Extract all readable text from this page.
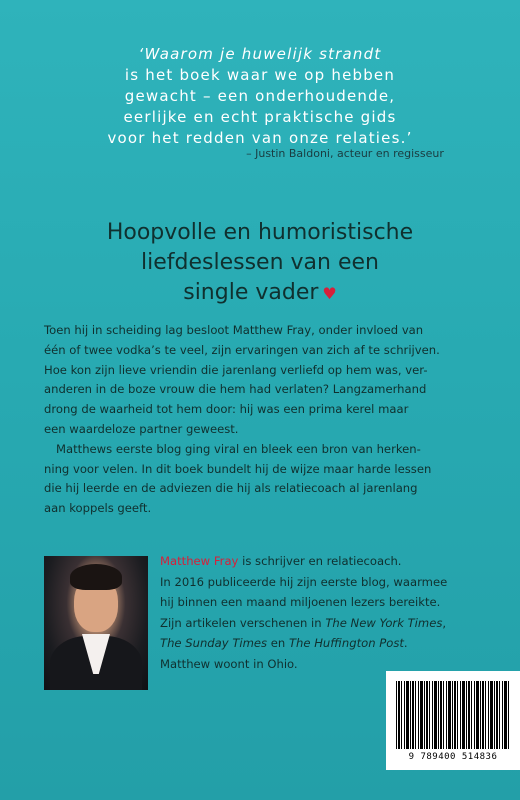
‘Waarom je huwelijk strandt
is het boek waar we op hebben
gewacht – een onderhoudende,
eerlijke en echt praktische gids
voor het redden van onze relaties.’
– Justin Baldoni, acteur en regisseur
Hoopvolle en humoristische
liefdeslessen van een
single vader ♥
Toen hij in scheiding lag besloot Matthew Fray, onder invloed van
één of twee vodka’s te veel, zijn ervaringen van zich af te schrijven.
Hoe kon zijn lieve vriendin die jarenlang verliefd op hem was, ver-
anderen in de boze vrouw die hem had verlaten? Langzamerhand
drong de waarheid tot hem door: hij was een prima kerel maar
een waardeloze partner geweest.
Matthews eerste blog ging viral en bleek een bron van herken-
ning voor velen. In dit boek bundelt hij de wijze maar harde lessen
die hij leerde en de adviezen die hij als relatiecoach al jarenlang
aan koppels geeft.
Matthew Fray is schrijver en relatiecoach.
In 2016 publiceerde hij zijn eerste blog, waarmee
hij binnen een maand miljoenen lezers bereikte.
Zijn artikelen verschenen in The New York Times,
The Sunday Times en The Huffington Post.
Matthew woont in Ohio.
9 789400 514836
